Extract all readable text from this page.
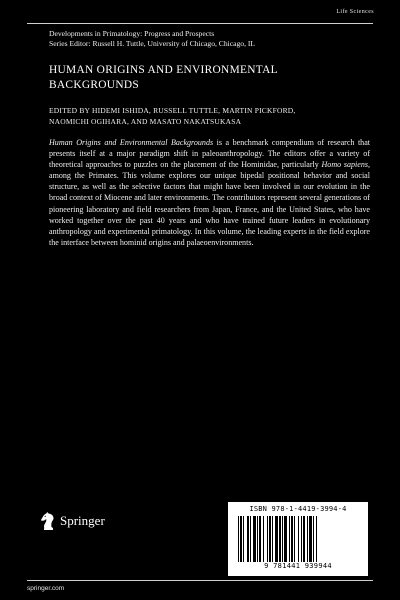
Life Sciences
Developments in Primatology: Progress and Prospects
Series Editor: Russell H. Tuttle, University of Chicago, Chicago, IL
HUMAN ORIGINS AND ENVIRONMENTAL BACKGROUNDS
EDITED BY HIDEMI ISHIDA, RUSSELL TUTTLE, MARTIN PICKFORD,
NAOMICHI OGIHARA, AND MASATO NAKATSUKASA
Human Origins and Environmental Backgrounds is a benchmark compendium of research that presents itself at a major paradigm shift in paleoanthropology. The editors offer a variety of theoretical approaches to puzzles on the placement of the Hominidae, particularly Homo sapiens, among the Primates. This volume explores our unique bipedal positional behavior and social structure, as well as the selective factors that might have been involved in our evolution in the broad context of Miocene and later environments. The contributors represent several generations of pioneering laboratory and field researchers from Japan, France, and the United States, who have worked together over the past 40 years and who have trained future leaders in evolutionary anthropology and experimental primatology. In this volume, the leading experts in the field explore the interface between hominid origins and palaeoenvironments.
Springer
ISBN 978-1-4419-3994-4
9 781441 939944
springer.com
